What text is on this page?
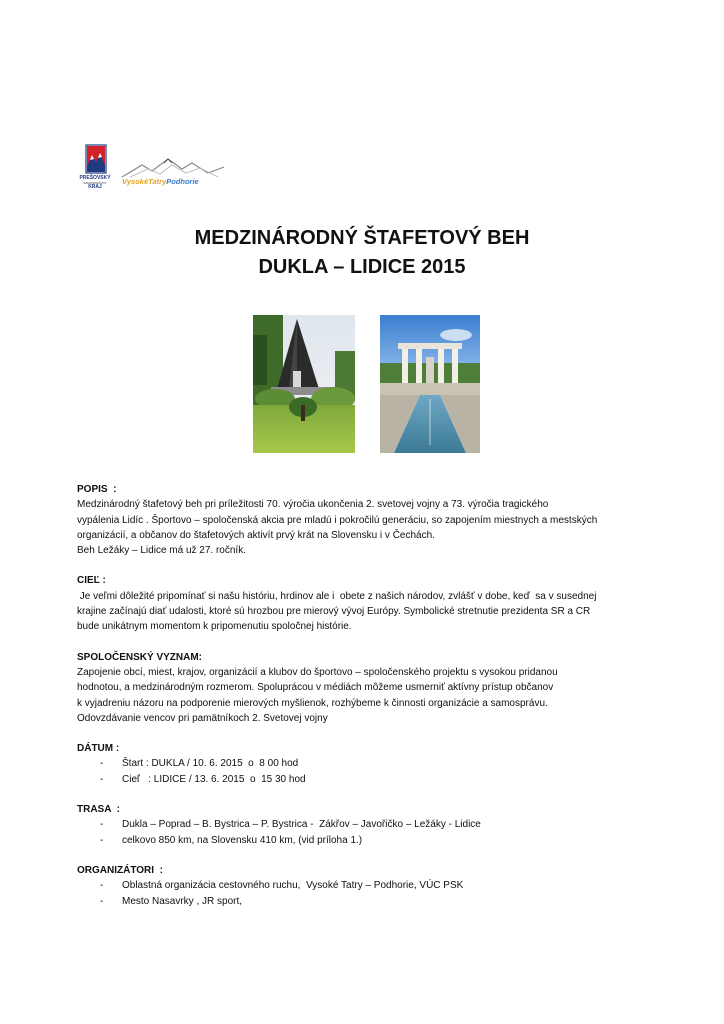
PREŠOVSKÝ
SAMOSPRÁVNY
KRAJ
VysokéTatryPodhorie
MEDZINÁRODNÝ ŠTAFETOVÝ BEH
DUKLA – LIDICE 2015
POPIS  :
Medzinárodný štafetový beh pri príležitosti 70. výročia ukončenia 2. svetovej vojny a 73. výročia tragického
vypálenia Lidíc . Športovo – spoločenská akcia pre mladú i pokročilú generáciu, so zapojením miestnych a mestských
organizácií, a občanov do štafetových aktivít prvý krát na Slovensku i v Čechách.
Beh Ležáky – Lidice má už 27. ročník.
CIEĽ :
Je veľmi dôležité pripomínať si našu históriu, hrdinov ale i  obete z našich národov, zvlášť v dobe, keď  sa v susednej
krajine začínajú diať udalosti, ktoré sú hrozbou pre mierový vývoj Európy. Symbolické stretnutie prezidenta SR a CR
bude unikátnym momentom k pripomenutiu spoločnej histórie.
SPOLOČENSKÝ VYZNAM:
Zapojenie obcí, miest, krajov, organizácií a klubov do športovo – spoločenského projektu s vysokou pridanou
hodnotou, a medzinárodným rozmerom. Spoluprácou v médiách môžeme usmerniť aktívny prístup občanov
k vyjadreniu názoru na podporenie mierových myšlienok, rozhýbeme k činnosti organizácie a samosprávu.
Odovzdávanie vencov pri pamätníkoch 2. Svetovej vojny
DÁTUM :
- Štart : DUKLA / 10. 6. 2015  o  8 00 hod
- Cieľ   : LIDICE / 13. 6. 2015  o  15 30 hod
TRASA  :
- Dukla – Poprad – B. Bystrica – P. Bystrica -  Zákřov – Javořičko – Ležáky - Lidice
- celkovo 850 km, na Slovensku 410 km, (vid príloha 1.)
ORGANIZÁTORI  :
- Oblastná organizácia cestovného ruchu,  Vysoké Tatry – Podhorie, VÚC PSK
- Mesto Nasavrky , JR sport,
